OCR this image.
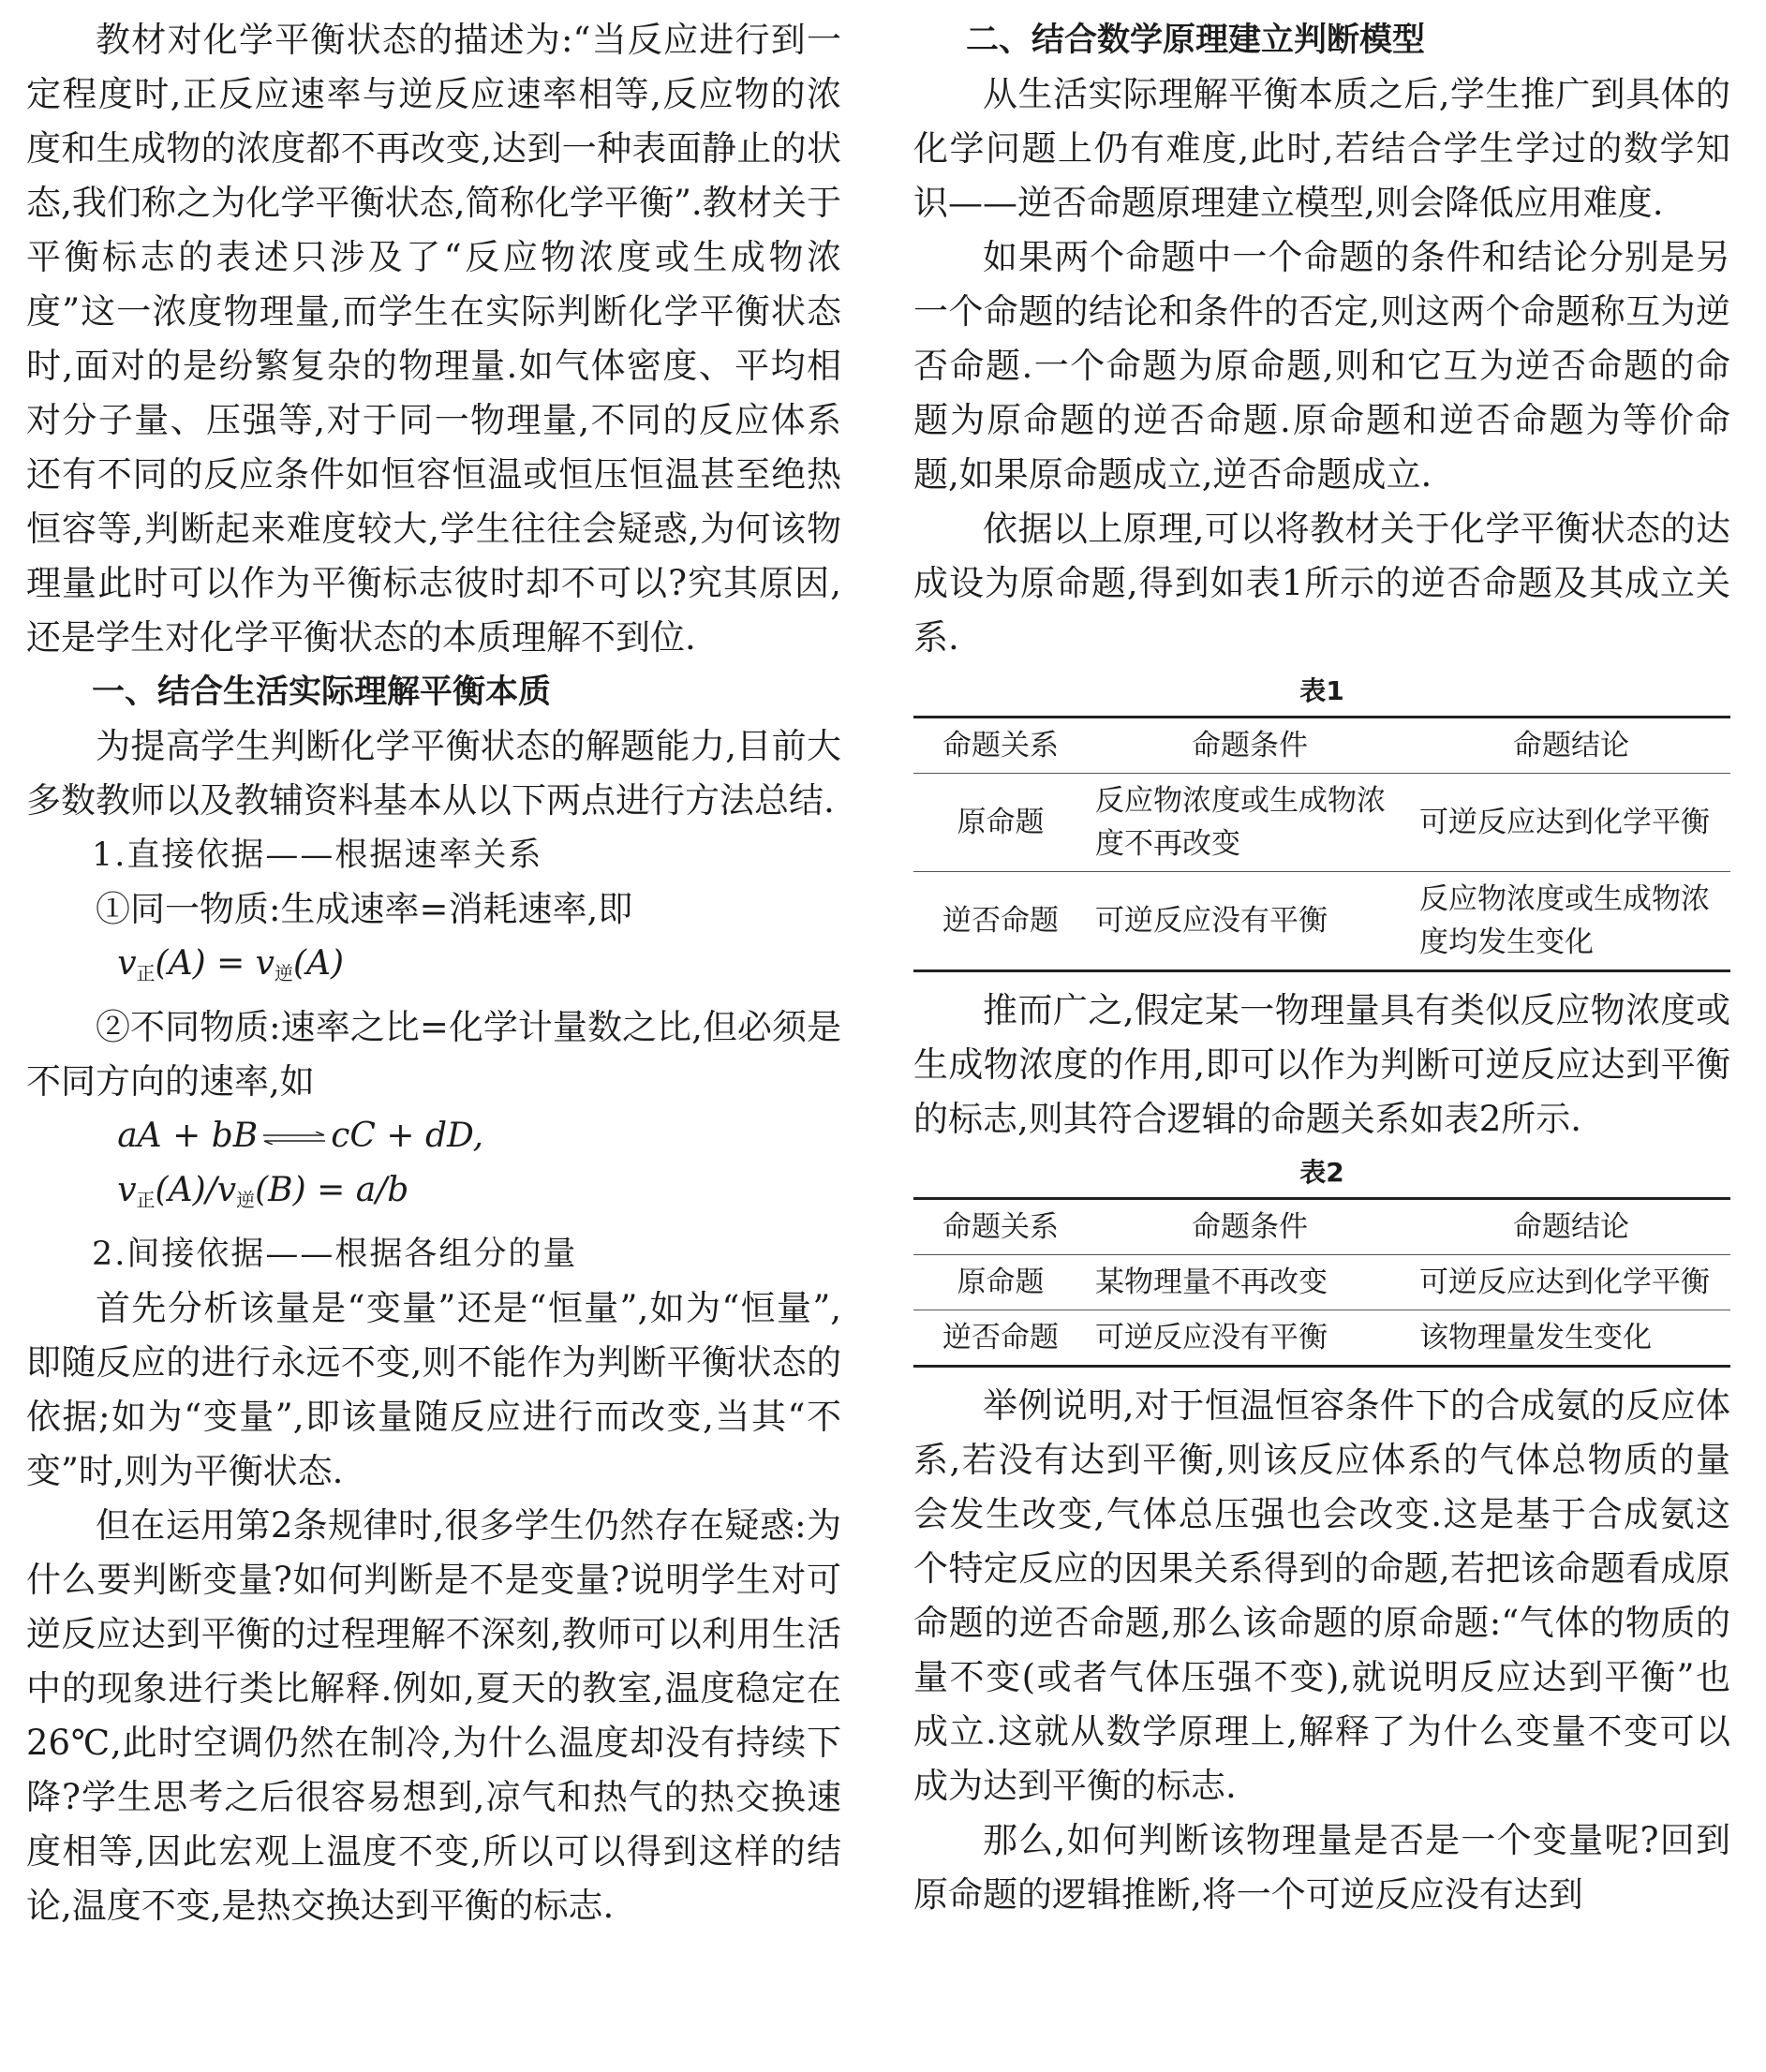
教材对化学平衡状态的描述为:“当反应进行到一定程度时,正反应速率与逆反应速率相等,反应物的浓度和生成物的浓度都不再改变,达到一种表面静止的状态,我们称之为化学平衡状态,简称化学平衡”.教材关于平衡标志的表述只涉及了“反应物浓度或生成物浓度”这一浓度物理量,而学生在实际判断化学平衡状态时,面对的是纷繁复杂的物理量.如气体密度、平均相对分子量、压强等,对于同一物理量,不同的反应体系还有不同的反应条件如恒容恒温或恒压恒温甚至绝热恒容等,判断起来难度较大,学生往往会疑惑,为何该物理量此时可以作为平衡标志彼时却不可以?究其原因,还是学生对化学平衡状态的本质理解不到位.

一、结合生活实际理解平衡本质

为提高学生判断化学平衡状态的解题能力,目前大多数教师以及教辅资料基本从以下两点进行方法总结.

1.直接依据——根据速率关系

①同一物质:生成速率=消耗速率,即

$v_正(A) = v_逆(A)$

②不同物质:速率之比=化学计量数之比,但必须是不同方向的速率,如

aA + bB ⇌ cC + dD,
$v_正(A)/v_逆(B) = a/b$
2.间接依据——根据各组分的量

首先分析该量是“变量”还是“恒量”,如为“恒量”,即随反应的进行永远不变,则不能作为判断平衡状态的依据;如为“变量”,即该量随反应进行而改变,当其“不变”时,则为平衡状态.

但在运用第2条规律时,很多学生仍然存在疑惑:为什么要判断变量?如何判断是不是变量?说明学生对可逆反应达到平衡的过程理解不深刻,教师可以利用生活中的现象进行类比解释.例如,夏天的教室,温度稳定在26℃,此时空调仍然在制冷,为什么温度却没有持续下降?学生思考之后很容易想到,凉气和热气的热交换速度相等,因此宏观上温度不变,所以可以得到这样的结论,温度不变,是热交换达到平衡的标志.

二、结合数学原理建立判断模型

从生活实际理解平衡本质之后,学生推广到具体的化学问题上仍有难度,此时,若结合学生学过的数学知识——逆否命题原理建立模型,则会降低应用难度.

如果两个命题中一个命题的条件和结论分别是另一个命题的结论和条件的否定,则这两个命题称互为逆否命题.一个命题为原命题,则和它互为逆否命题的命题为原命题的逆否命题.原命题和逆否命题为等价命题,如果原命题成立,逆否命题成立.

依据以上原理,可以将教材关于化学平衡状态的达成设为原命题,得到如表1所示的逆否命题及其成立关系.

表1
命题关系	命题条件	命题结论
原命题	反应物浓度或生成物浓度不再改变	可逆反应达到化学平衡
逆否命题	可逆反应没有平衡	反应物浓度或生成物浓度均发生变化

推而广之,假定某一物理量具有类似反应物浓度或生成物浓度的作用,即可以作为判断可逆反应达到平衡的标志,则其符合逻辑的命题关系如表2所示.

表2
命题关系	命题条件	命题结论
原命题	某物理量不再改变	可逆反应达到化学平衡
逆否命题	可逆反应没有平衡	该物理量发生变化

举例说明,对于恒温恒容条件下的合成氨的反应体系,若没有达到平衡,则该反应体系的气体总物质的量会发生改变,气体总压强也会改变.这是基于合成氨这个特定反应的因果关系得到的命题,若把该命题看成原命题的逆否命题,那么该命题的原命题:“气体的物质的量不变(或者气体压强不变),就说明反应达到平衡”也成立.这就从数学原理上,解释了为什么变量不变可以成为达到平衡的标志.

那么,如何判断该物理量是否是一个变量呢?回到原命题的逻辑推断,将一个可逆反应没有达到
